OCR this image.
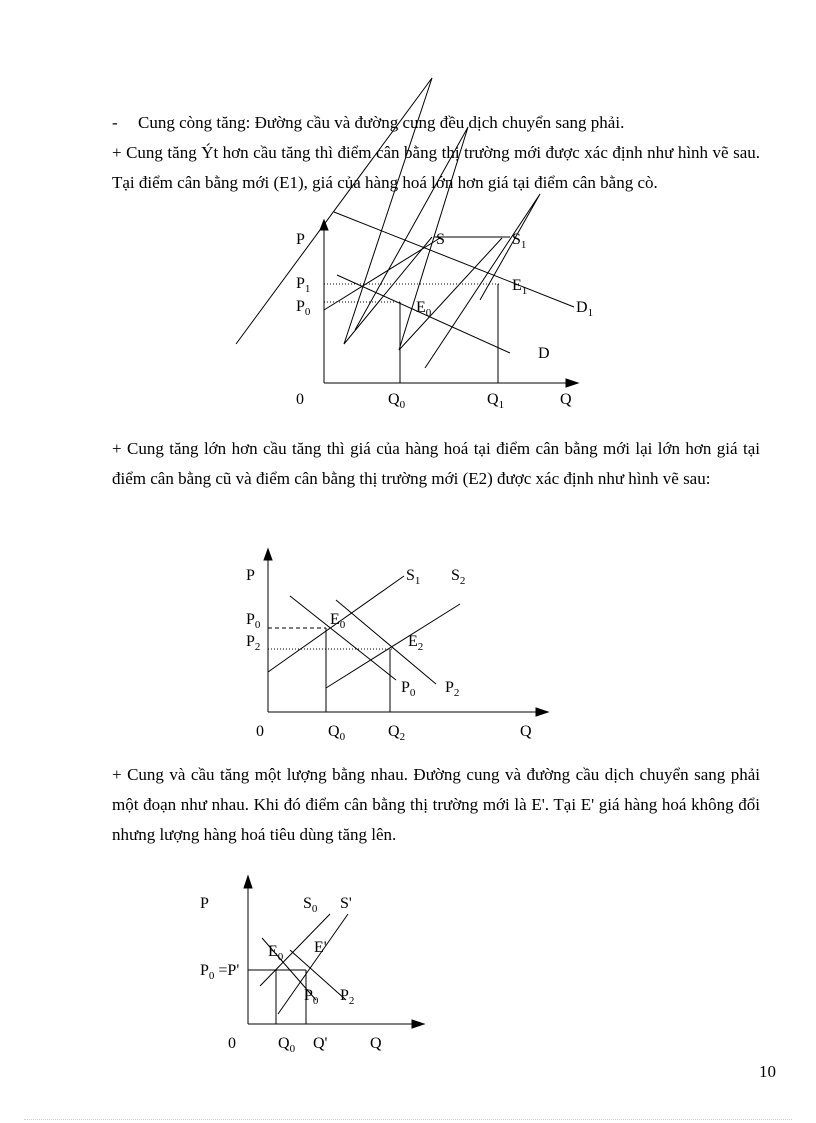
- Cung còng tăng: Đường cầu và đường cung đều dịch chuyển sang phải.

+ Cung tăng Ýt hơn cầu tăng thì điểm cân bằng thị trường mới được xác định như hình vẽ sau. Tại điểm cân bằng mới (E1), giá của hàng hoá lớn hơn giá tại điểm cân bằng cò.

P
$P_1$
$P_0$
0	$Q_0$	$Q_1$	Q
S	$S_1$
$E_1$
$E_0$	$D_1$
D

+ Cung tăng lớn hơn cầu tăng thì giá của hàng hoá tại điểm cân bằng mới lại lớn hơn giá tại điểm cân bằng cũ và điểm cân bằng thị trường mới (E2) được xác định như hình vẽ sau:

P	$S_1$ $S_2$
$P_0$
$P_2$
$E_0$
$E_2$
$P_0$ $P_2$
0	$Q_0$	$Q_2$	Q

+ Cung và cầu tăng một lượng bằng nhau. Đường cung và đường cầu dịch chuyển sang phải một đoạn như nhau. Khi đó điểm cân bằng thị trường mới là E'. Tại E' giá hàng hoá không đổi nhưng lượng hàng hoá tiêu dùng tăng lên.

P	$S_0$ S'
$E_0$
E'
$P_0 =P'$
$P_0$ $P_2$
0	$Q_0$ Q'	Q
10
